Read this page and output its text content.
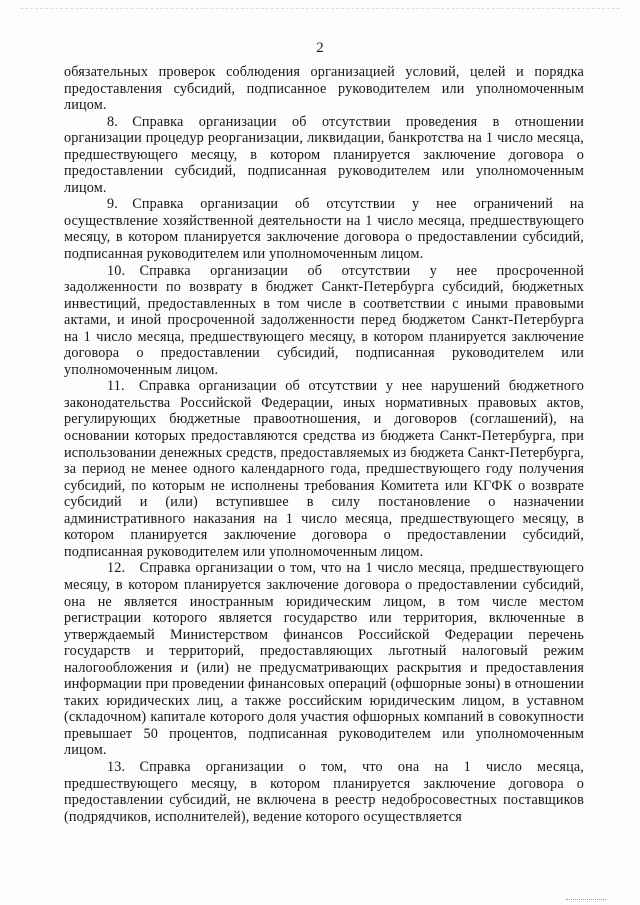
2

обязательных проверок соблюдения организацией условий, целей и порядка предоставления субсидий, подписанное руководителем или уполномоченным лицом.

8. Справка организации об отсутствии проведения в отношении организации процедур реорганизации, ликвидации, банкротства на 1 число месяца, предшествующего месяцу, в котором планируется заключение договора о предоставлении субсидий, подписанная руководителем или уполномоченным лицом.

9. Справка организации об отсутствии у нее ограничений на осуществление хозяйственной деятельности на 1 число месяца, предшествующего месяцу, в котором планируется заключение договора о предоставлении субсидий, подписанная руководителем или уполномоченным лицом.

10. Справка организации об отсутствии у нее просроченной задолженности по возврату в бюджет Санкт-Петербурга субсидий, бюджетных инвестиций, предоставленных в том числе в соответствии с иными правовыми актами, и иной просроченной задолженности перед бюджетом Санкт-Петербурга на 1 число месяца, предшествующего месяцу, в котором планируется заключение договора о предоставлении субсидий, подписанная руководителем или уполномоченным лицом.

11. Справка организации об отсутствии у нее нарушений бюджетного законодательства Российской Федерации, иных нормативных правовых актов, регулирующих бюджетные правоотношения, и договоров (соглашений), на основании которых предоставляются средства из бюджета Санкт-Петербурга, при использовании денежных средств, предоставляемых из бюджета Санкт-Петербурга, за период не менее одного календарного года, предшествующего году получения субсидий, по которым не исполнены требования Комитета или КГФК о возврате субсидий и (или) вступившее в силу постановление о назначении административного наказания на 1 число месяца, предшествующего месяцу, в котором планируется заключение договора о предоставлении субсидий, подписанная руководителем или уполномоченным лицом.

12. Справка организации о том, что на 1 число месяца, предшествующего месяцу, в котором планируется заключение договора о предоставлении субсидий, она не является иностранным юридическим лицом, в том числе местом регистрации которого является государство или территория, включенные в утверждаемый Министерством финансов Российской Федерации перечень государств и территорий, предоставляющих льготный налоговый режим налогообложения и (или) не предусматривающих раскрытия и предоставления информации при проведении финансовых операций (офшорные зоны) в отношении таких юридических лиц, а также российским юридическим лицом, в уставном (складочном) капитале которого доля участия офшорных компаний в совокупности превышает 50 процентов, подписанная руководителем или уполномоченным лицом.

13. Справка организации о том, что она на 1 число месяца, предшествующего месяцу, в котором планируется заключение договора о предоставлении субсидий, не включена в реестр недобросовестных поставщиков (подрядчиков, исполнителей), ведение которого осуществляется
